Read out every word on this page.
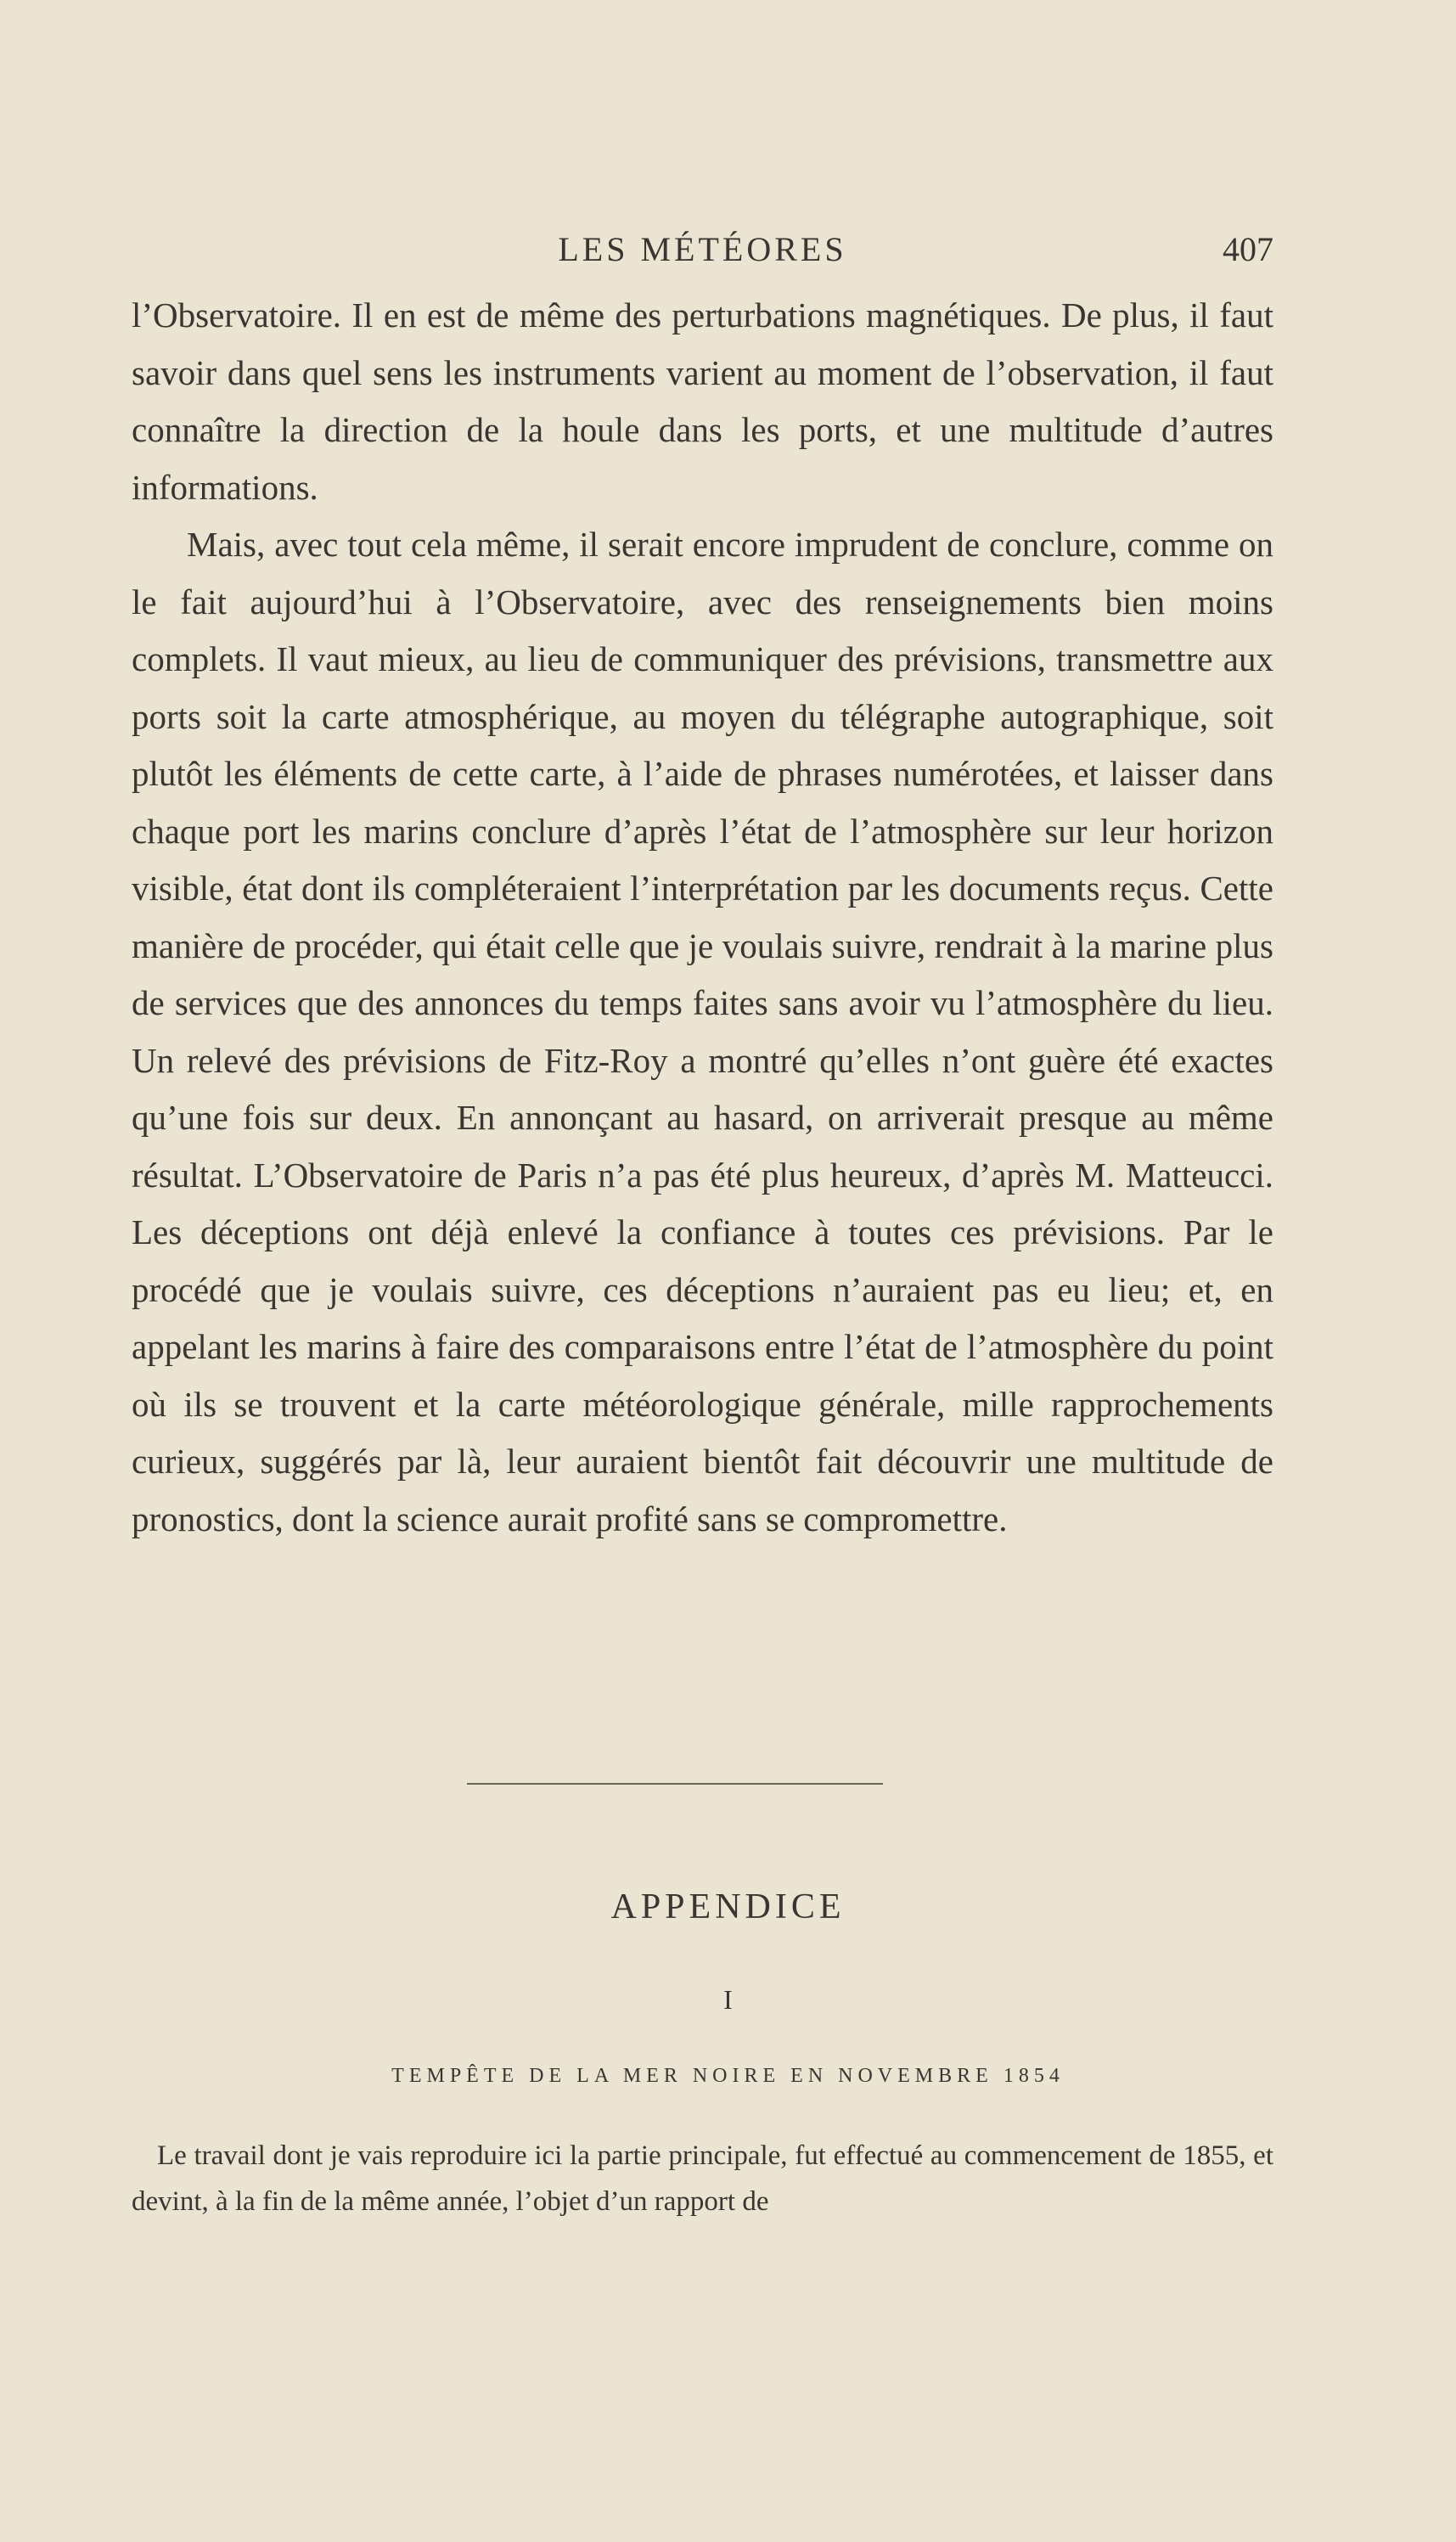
LES MÉTÉORES	407

l’Observatoire. Il en est de même des perturbations magnétiques. De plus, il faut savoir dans quel sens les instruments varient au moment de l’observation, il faut connaître la direction de la houle dans les ports, et une multitude d’autres informations.

Mais, avec tout cela même, il serait encore imprudent de conclure, comme on le fait aujourd’hui à l’Observatoire, avec des renseignements bien moins complets. Il vaut mieux, au lieu de communiquer des prévisions, transmettre aux ports soit la carte atmosphérique, au moyen du télégraphe autographique, soit plutôt les éléments de cette carte, à l’aide de phrases numérotées, et laisser dans chaque port les marins conclure d’après l’état de l’atmosphère sur leur horizon visible, état dont ils compléteraient l’interprétation par les documents reçus. Cette manière de procéder, qui était celle que je voulais suivre, rendrait à la marine plus de services que des annonces du temps faites sans avoir vu l’atmosphère du lieu. Un relevé des prévisions de Fitz-Roy a montré qu’elles n’ont guère été exactes qu’une fois sur deux. En annonçant au hasard, on arriverait presque au même résultat. L’Observatoire de Paris n’a pas été plus heureux, d’après M. Matteucci. Les déceptions ont déjà enlevé la confiance à toutes ces prévisions. Par le procédé que je voulais suivre, ces déceptions n’auraient pas eu lieu; et, en appelant les marins à faire des comparaisons entre l’état de l’atmosphère du point où ils se trouvent et la carte météorologique générale, mille rapprochements curieux, suggérés par là, leur auraient bientôt fait découvrir une multitude de pronostics, dont la science aurait profité sans se compromettre.

APPENDICE
I
TEMPÊTE DE LA MER NOIRE EN NOVEMBRE 1854

Le travail dont je vais reproduire ici la partie principale, fut effectué au commencement de 1855, et devint, à la fin de la même année, l’objet d’un rapport de
